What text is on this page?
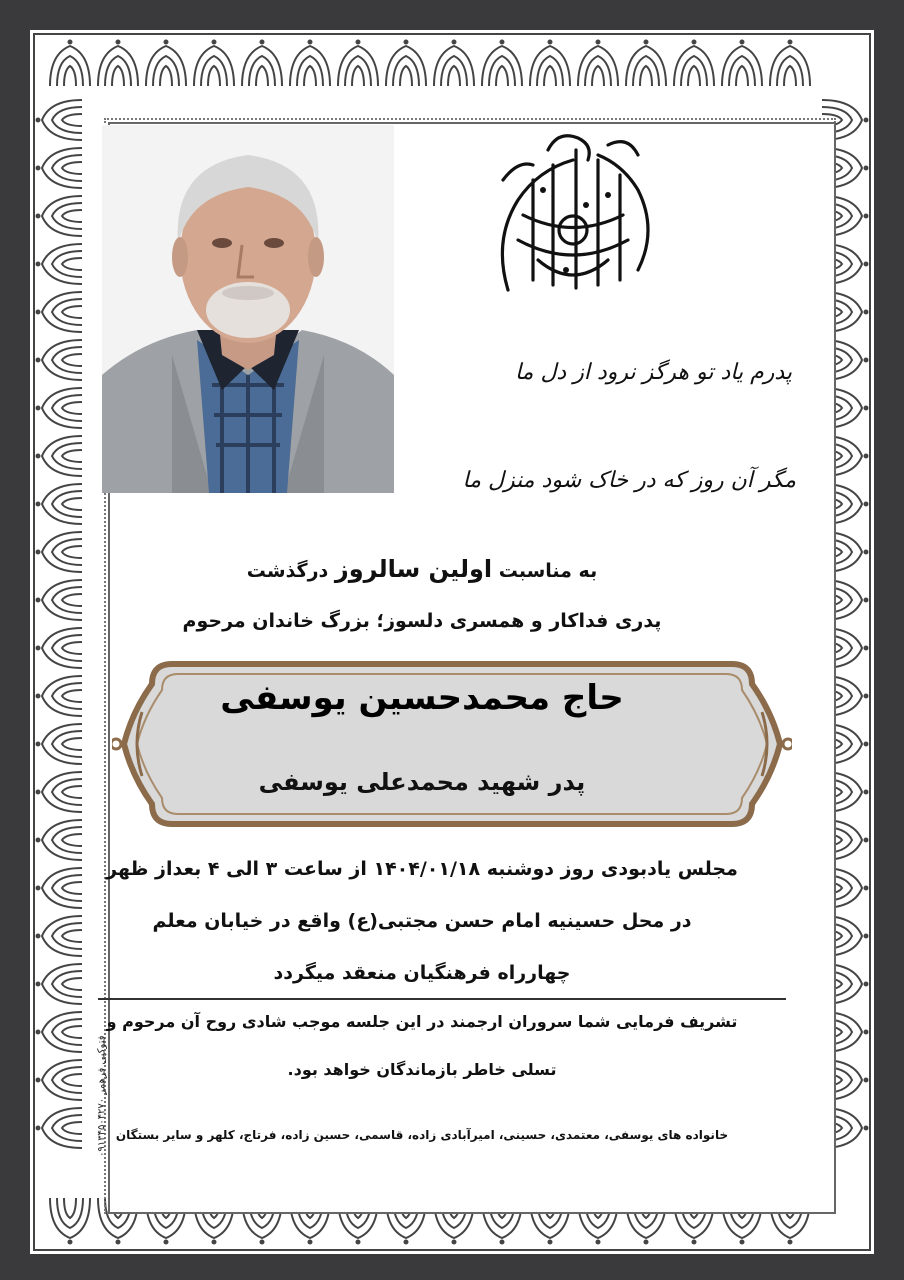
پدرم یاد تو هرگز نرود از دل ما
مگر آن روز که در خاک شود منزل ما
به مناسبت اولین سالروز درگذشت
پدری فداکار و همسری دلسوز؛ بزرگ خاندان مرحوم
حاج محمدحسین یوسفی
پدر شهید محمدعلی یوسفی
مجلس یادبودی روز دوشنبه ۱۴۰۴/۰۱/۱۸ از ساعت ۳ الی ۴ بعداز ظهر
در محل حسینیه امام حسن مجتبی(ع) واقع در خیابان معلم
چهارراه فرهنگیان منعقد میگردد
تشریف فرمایی شما سروران ارجمند در این جلسه موجب شادی روح آن مرحوم و
تسلی خاطر بازماندگان خواهد بود.
خانواده های یوسفی، معتمدی، حسینی، امیرآبادی زاده، قاسمی، حسین زاده، فرتاج، کلهر و سایر بستگان
فتوکپی فرهمر ۰۹۱۳۴۵۰۴۲۷۰
